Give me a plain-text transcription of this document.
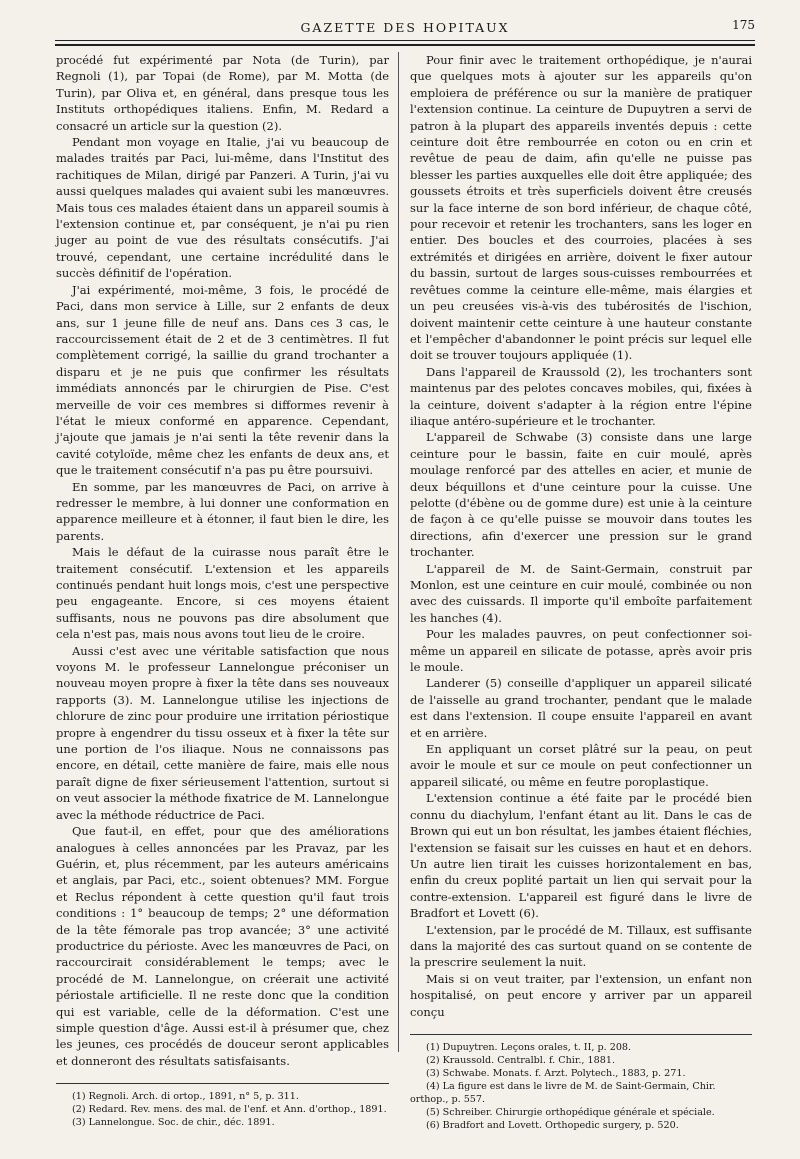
GAZETTE DES HOPITAUX	175

procédé fut expérimenté par Nota (de Turin), par Regnoli (1), par Topai (de Rome), par M. Motta (de Turin), par Oliva et, en général, dans presque tous les Instituts orthopédiques italiens. Enfin, M. Redard a consacré un article sur la question (2).

Pendant mon voyage en Italie, j'ai vu beaucoup de malades traités par Paci, lui-même, dans l'Institut des rachitiques de Milan, dirigé par Panzeri. A Turin, j'ai vu aussi quelques malades qui avaient subi les manœuvres. Mais tous ces malades étaient dans un appareil soumis à l'extension continue et, par conséquent, je n'ai pu rien juger au point de vue des résultats consécutifs. J'ai trouvé, cependant, une certaine incrédulité dans le succès définitif de l'opération.

J'ai expérimenté, moi-même, 3 fois, le procédé de Paci, dans mon service à Lille, sur 2 enfants de deux ans, sur 1 jeune fille de neuf ans. Dans ces 3 cas, le raccourcissement était de 2 et de 3 centimètres. Il fut complètement corrigé, la saillie du grand trochanter a disparu et je ne puis que confirmer les résultats immédiats annoncés par le chirurgien de Pise. C'est merveille de voir ces membres si difformes revenir à l'état le mieux conformé en apparence. Cependant, j'ajoute que jamais je n'ai senti la tête revenir dans la cavité cotyloïde, même chez les enfants de deux ans, et que le traitement consécutif n'a pas pu être poursuivi.

En somme, par les manœuvres de Paci, on arrive à redresser le membre, à lui donner une conformation en apparence meilleure et à étonner, il faut bien le dire, les parents.

Mais le défaut de la cuirasse nous paraît être le traitement consécutif. L'extension et les appareils continués pendant huit longs mois, c'est une perspective peu engageante. Encore, si ces moyens étaient suffisants, nous ne pouvons pas dire absolument que cela n'est pas, mais nous avons tout lieu de le croire.

Aussi c'est avec une véritable satisfaction que nous voyons M. le professeur Lannelongue préconiser un nouveau moyen propre à fixer la tête dans ses nouveaux rapports (3). M. Lannelongue utilise les injections de chlorure de zinc pour produire une irritation périostique propre à engendrer du tissu osseux et à fixer la tête sur une portion de l'os iliaque. Nous ne connaissons pas encore, en détail, cette manière de faire, mais elle nous paraît digne de fixer sérieusement l'attention, surtout si on veut associer la méthode fixatrice de M. Lannelongue avec la méthode réductrice de Paci.

Que faut-il, en effet, pour que des améliorations analogues à celles annoncées par les Pravaz, par les Guérin, et, plus récemment, par les auteurs américains et anglais, par Paci, etc., soient obtenues? MM. Forgue et Reclus répondent à cette question qu'il faut trois conditions : 1° beaucoup de temps; 2° une déformation de la tête fémorale pas trop avancée; 3° une activité productrice du périoste. Avec les manœuvres de Paci, on raccourcirait considérablement le temps; avec le procédé de M. Lannelongue, on créerait une activité périostale artificielle. Il ne reste donc que la condition qui est variable, celle de la déformation. C'est une simple question d'âge. Aussi est-il à présumer que, chez les jeunes, ces procédés de douceur seront applicables et donneront des résultats satisfaisants.

(1) Regnoli. Arch. di ortop., 1891, n° 5, p. 311.

(2) Redard. Rev. mens. des mal. de l'enf. et Ann. d'orthop., 1891.

(3) Lannelongue. Soc. de chir., déc. 1891.

Pour finir avec le traitement orthopédique, je n'aurai que quelques mots à ajouter sur les appareils qu'on emploiera de préférence ou sur la manière de pratiquer l'extension continue. La ceinture de Dupuytren a servi de patron à la plupart des appareils inventés depuis : cette ceinture doit être rembourrée en coton ou en crin et revêtue de peau de daim, afin qu'elle ne puisse pas blesser les parties auxquelles elle doit être appliquée; des goussets étroits et très superficiels doivent être creusés sur la face interne de son bord inférieur, de chaque côté, pour recevoir et retenir les trochanters, sans les loger en entier. Des boucles et des courroies, placées à ses extrémités et dirigées en arrière, doivent le fixer autour du bassin, surtout de larges sous-cuisses rembourrées et revêtues comme la ceinture elle-même, mais élargies et un peu creusées vis-à-vis des tubérosités de l'ischion, doivent maintenir cette ceinture à une hauteur constante et l'empêcher d'abandonner le point précis sur lequel elle doit se trouver toujours appliquée (1).

Dans l'appareil de Kraussold (2), les trochanters sont maintenus par des pelotes concaves mobiles, qui, fixées à la ceinture, doivent s'adapter à la région entre l'épine iliaque antéro-supérieure et le trochanter.

L'appareil de Schwabe (3) consiste dans une large ceinture pour le bassin, faite en cuir moulé, après moulage renforcé par des attelles en acier, et munie de deux béquillons et d'une ceinture pour la cuisse. Une pelotte (d'ébène ou de gomme dure) est unie à la ceinture de façon à ce qu'elle puisse se mouvoir dans toutes les directions, afin d'exercer une pression sur le grand trochanter.

L'appareil de M. de Saint-Germain, construit par Monlon, est une ceinture en cuir moulé, combinée ou non avec des cuissards. Il importe qu'il emboîte parfaitement les hanches (4).

Pour les malades pauvres, on peut confectionner soi-même un appareil en silicate de potasse, après avoir pris le moule.

Landerer (5) conseille d'appliquer un appareil silicaté de l'aisselle au grand trochanter, pendant que le malade est dans l'extension. Il coupe ensuite l'appareil en avant et en arrière.

En appliquant un corset plâtré sur la peau, on peut avoir le moule et sur ce moule on peut confectionner un appareil silicaté, ou même en feutre poroplastique.

L'extension continue a été faite par le procédé bien connu du diachylum, l'enfant étant au lit. Dans le cas de Brown qui eut un bon résultat, les jambes étaient fléchies, l'extension se faisait sur les cuisses en haut et en dehors. Un autre lien tirait les cuisses horizontalement en bas, enfin du creux poplité partait un lien qui servait pour la contre-extension. L'appareil est figuré dans le livre de Bradfort et Lovett (6).

L'extension, par le procédé de M. Tillaux, est suffisante dans la majorité des cas surtout quand on se contente de la prescrire seulement la nuit.

Mais si on veut traiter, par l'extension, un enfant non hospitalisé, on peut encore y arriver par un appareil conçu

(1) Dupuytren. Leçons orales, t. II, p. 208.

(2) Kraussold. Centralbl. f. Chir., 1881.

(3) Schwabe. Monats. f. Arzt. Polytech., 1883, p. 271.

(4) La figure est dans le livre de M. de Saint-Germain, Chir. orthop., p. 557.

(5) Schreiber. Chirurgie orthopédique générale et spéciale.

(6) Bradfort and Lovett. Orthopedic surgery, p. 520.
